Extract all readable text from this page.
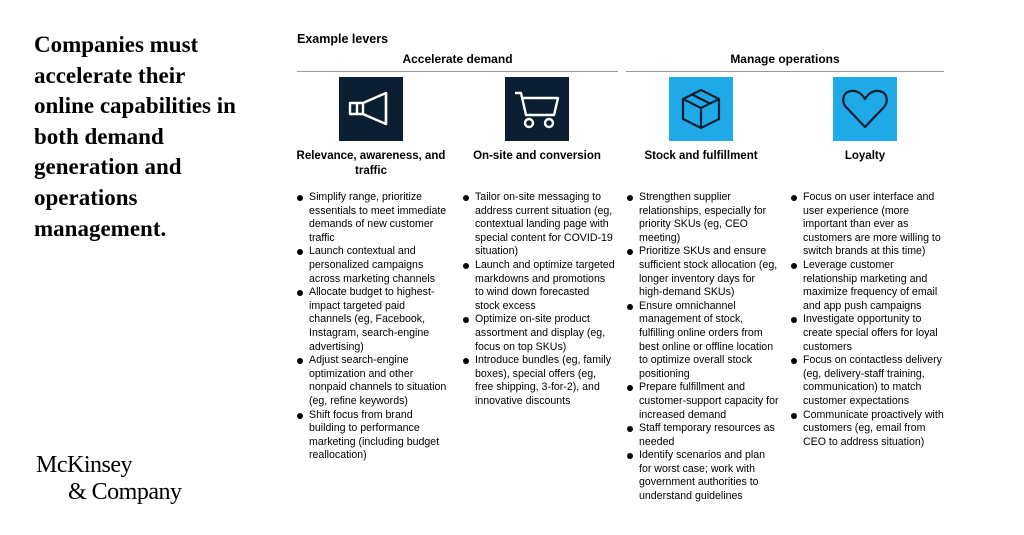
Companies must accelerate their online capabilities in both demand generation and operations management.
McKinsey
& Company
Example levers
Accelerate demand	Manage operations
Relevance, awareness, and traffic
Simplify range, prioritize essentials to meet immediate demands of new customer traffic
Launch contextual and personalized campaigns across marketing channels
Allocate budget to highest-impact targeted paid channels (eg, Facebook, Instagram, search-engine advertising)
Adjust search-engine optimization and other nonpaid channels to situation (eg, refine keywords)
Shift focus from brand building to performance marketing (including budget reallocation)
On-site and conversion
Tailor on-site messaging to address current situation (eg, contextual landing page with special content for COVID-19 situation)
Launch and optimize targeted markdowns and promotions to wind down forecasted stock excess
Optimize on-site product assortment and display (eg, focus on top SKUs)
Introduce bundles (eg, family boxes), special offers (eg, free shipping, 3-for-2), and innovative discounts
Stock and fulfillment
Strengthen supplier relationships, especially for priority SKUs (eg, CEO meeting)
Prioritize SKUs and ensure sufficient stock allocation (eg, longer inventory days for high-demand SKUs)
Ensure omnichannel management of stock, fulfilling online orders from best online or offline location to optimize overall stock positioning
Prepare fulfillment and customer-support capacity for increased demand
Staff temporary resources as needed
Identify scenarios and plan for worst case; work with government authorities to understand guidelines
Loyalty
Focus on user interface and user experience (more important than ever as customers are more willing to switch brands at this time)
Leverage customer relationship marketing and maximize frequency of email and app push campaigns
Investigate opportunity to create special offers for loyal customers
Focus on contactless delivery (eg, delivery-staff training, communication) to match customer expectations
Communicate proactively with customers (eg, email from CEO to address situation)
